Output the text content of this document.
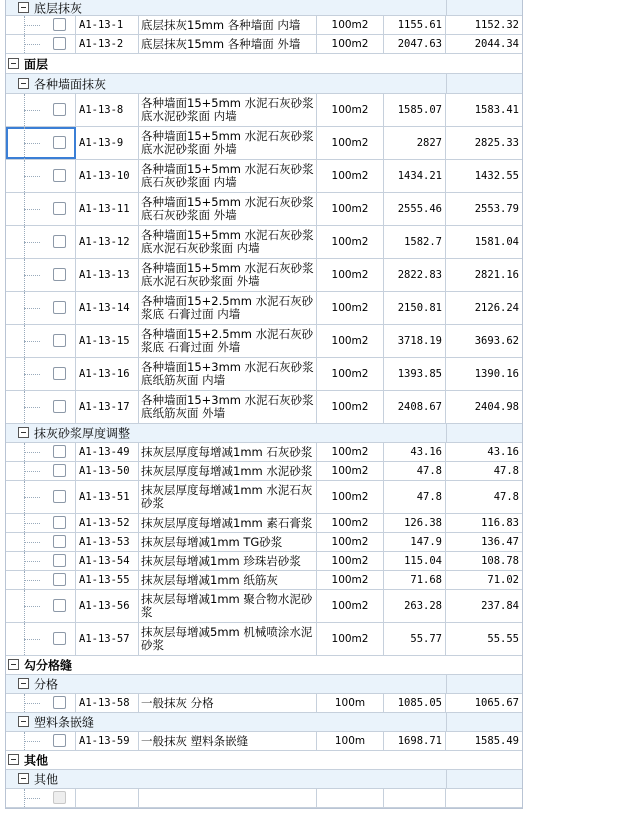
底层抹灰
A1-13-1 底层抹灰15mm 各种墙面 内墙	100m2	1155.61	1152.32
A1-13-2 底层抹灰15mm 各种墙面 外墙	100m2	2047.63	2044.34
面层
各种墙面抹灰
A1-13-8 各种墙面15+5mm 水泥石灰砂浆底水泥砂浆面 内墙	100m2	1585.07	1583.41
A1-13-9 各种墙面15+5mm 水泥石灰砂浆底水泥砂浆面 外墙	100m2	2827	2825.33
A1-13-10 各种墙面15+5mm 水泥石灰砂浆底石灰砂浆面 内墙	100m2	1434.21	1432.55
A1-13-11 各种墙面15+5mm 水泥石灰砂浆底石灰砂浆面 外墙	100m2	2555.46	2553.79
A1-13-12 各种墙面15+5mm 水泥石灰砂浆底水泥石灰砂浆面 内墙	100m2	1582.7	1581.04
A1-13-13 各种墙面15+5mm 水泥石灰砂浆底水泥石灰砂浆面 外墙	100m2	2822.83	2821.16
A1-13-14 各种墙面15+2.5mm 水泥石灰砂浆底 石膏过面 内墙	100m2	2150.81	2126.24
A1-13-15 各种墙面15+2.5mm 水泥石灰砂浆底 石膏过面 外墙	100m2	3718.19	3693.62
A1-13-16 各种墙面15+3mm 水泥石灰砂浆底纸筋灰面 内墙	100m2	1393.85	1390.16
A1-13-17 各种墙面15+3mm 水泥石灰砂浆底纸筋灰面 外墙	100m2	2408.67	2404.98
抹灰砂浆厚度调整
A1-13-49 抹灰层厚度每增减1mm 石灰砂浆 100m2	43.16	43.16
A1-13-50 抹灰层厚度每增减1mm 水泥砂浆 100m2	47.8	47.8
A1-13-51 抹灰层厚度每增减1mm 水泥石灰砂浆	100m2	47.8	47.8
A1-13-52 抹灰层厚度每增减1mm 素石膏浆 100m2	126.38	116.83
A1-13-53 抹灰层每增减1mm TG砂浆	100m2	147.9	136.47
A1-13-54 抹灰层每增减1mm 珍珠岩砂浆	100m2	115.04	108.78
A1-13-55 抹灰层每增减1mm 纸筋灰	100m2	71.68	71.02
A1-13-56 抹灰层每增减1mm 聚合物水泥砂浆	100m2	263.28	237.84
A1-13-57 抹灰层每增减5mm 机械喷涂水泥砂浆	100m2	55.77	55.55
勾分格缝
分格
A1-13-58 一般抹灰 分格	100m	1085.05	1065.67
塑料条嵌缝
A1-13-59 一般抹灰 塑料条嵌缝	100m	1698.71	1585.49
其他
其他
